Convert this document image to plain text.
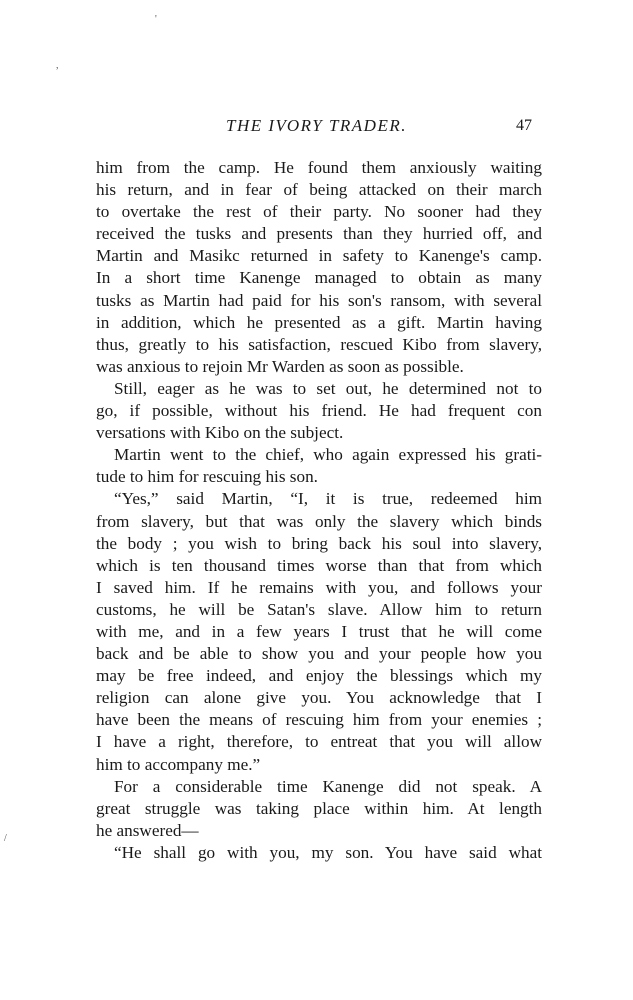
'
,
/
THE IVORY TRADER.	47
him from the camp. He found them anxiously waiting
his return, and in fear of being attacked on their march
to overtake the rest of their party. No sooner had they
received the tusks and presents than they hurried off, and
Martin and Masikc returned in safety to Kanenge's camp.
In a short time Kanenge managed to obtain as many
tusks as Martin had paid for his son's ransom, with several
in addition, which he presented as a gift. Martin having
thus, greatly to his satisfaction, rescued Kibo from slavery,
was anxious to rejoin Mr Warden as soon as possible.
Still, eager as he was to set out, he determined not to
go, if possible, without his friend. He had frequent con
versations with Kibo on the subject.
Martin went to the chief, who again expressed his grati-
tude to him for rescuing his son.
“Yes,” said Martin, “I, it is true, redeemed him
from slavery, but that was only the slavery which binds
the body ; you wish to bring back his soul into slavery,
which is ten thousand times worse than that from which
I saved him. If he remains with you, and follows your
customs, he will be Satan's slave. Allow him to return
with me, and in a few years I trust that he will come
back and be able to show you and your people how you
may be free indeed, and enjoy the blessings which my
religion can alone give you. You acknowledge that I
have been the means of rescuing him from your enemies ;
I have a right, therefore, to entreat that you will allow
him to accompany me.”
For a considerable time Kanenge did not speak. A
great struggle was taking place within him. At length
he answered—
“He shall go with you, my son. You have said what
